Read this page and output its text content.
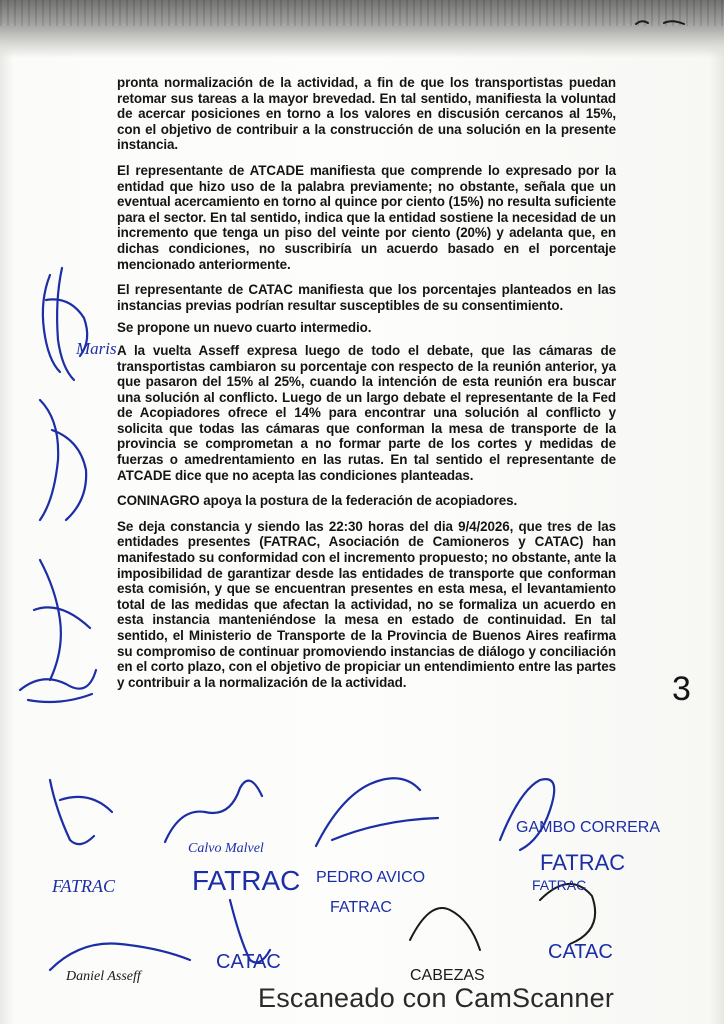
pronta normalización de la actividad, a fin de que los transportistas puedan retomar sus tareas a la mayor brevedad. En tal sentido, manifiesta la voluntad de acercar posiciones en torno a los valores en discusión cercanos al 15%, con el objetivo de contribuir a la construcción de una solución en la presente instancia.

El representante de ATCADE manifiesta que comprende lo expresado por la entidad que hizo uso de la palabra previamente; no obstante, señala que un eventual acercamiento en torno al quince por ciento (15%) no resulta suficiente para el sector. En tal sentido, indica que la entidad sostiene la necesidad de un incremento que tenga un piso del veinte por ciento (20%) y adelanta que, en dichas condiciones, no suscribiría un acuerdo basado en el porcentaje mencionado anteriormente.

El representante de CATAC manifiesta que los porcentajes planteados en las instancias previas podrían resultar susceptibles de su consentimiento.

Se propone un nuevo cuarto intermedio.

A la vuelta Asseff expresa luego de todo el debate, que las cámaras de transportistas cambiaron su porcentaje con respecto de la reunión anterior, ya que pasaron del 15% al 25%, cuando la intención de esta reunión era buscar una solución al conflicto. Luego de un largo debate el representante de la Fed de Acopiadores ofrece el 14% para encontrar una solución al conflicto y solicita que todas las cámaras que conforman la mesa de transporte de la provincia se comprometan a no formar parte de los cortes y medidas de fuerzas o amedrentamiento en las rutas. En tal sentido el representante de ATCADE dice que no acepta las condiciones planteadas.

CONINAGRO apoya la postura de la federación de acopiadores.

Se deja constancia y siendo las 22:30 horas del dia 9/4/2026, que tres de las entidades presentes (FATRAC, Asociación de Camioneros y CATAC) han manifestado su conformidad con el incremento propuesto; no obstante, ante la imposibilidad de garantizar desde las entidades de transporte que conforman esta comisión, y que se encuentran presentes en esta mesa, el levantamiento total de las medidas que afectan la actividad, no se formaliza un acuerdo en esta instancia manteniéndose la mesa en estado de continuidad. En tal sentido, el Ministerio de Transporte de la Provincia de Buenos Aires reafirma su compromiso de continuar promoviendo instancias de diálogo y conciliación en el corto plazo, con el objetivo de propiciar un entendimiento entre las partes y contribuir a la normalización de la actividad.

Maris
3
FATRAC
Calvo Malvel
FATRAC PEDRO AVICO
FATRAC
GAMBO CORRERA
FATRAC
Daniel Asseff
CATAC
CABEZAS
CATAC
FATRAC
Escaneado con CamScanner
